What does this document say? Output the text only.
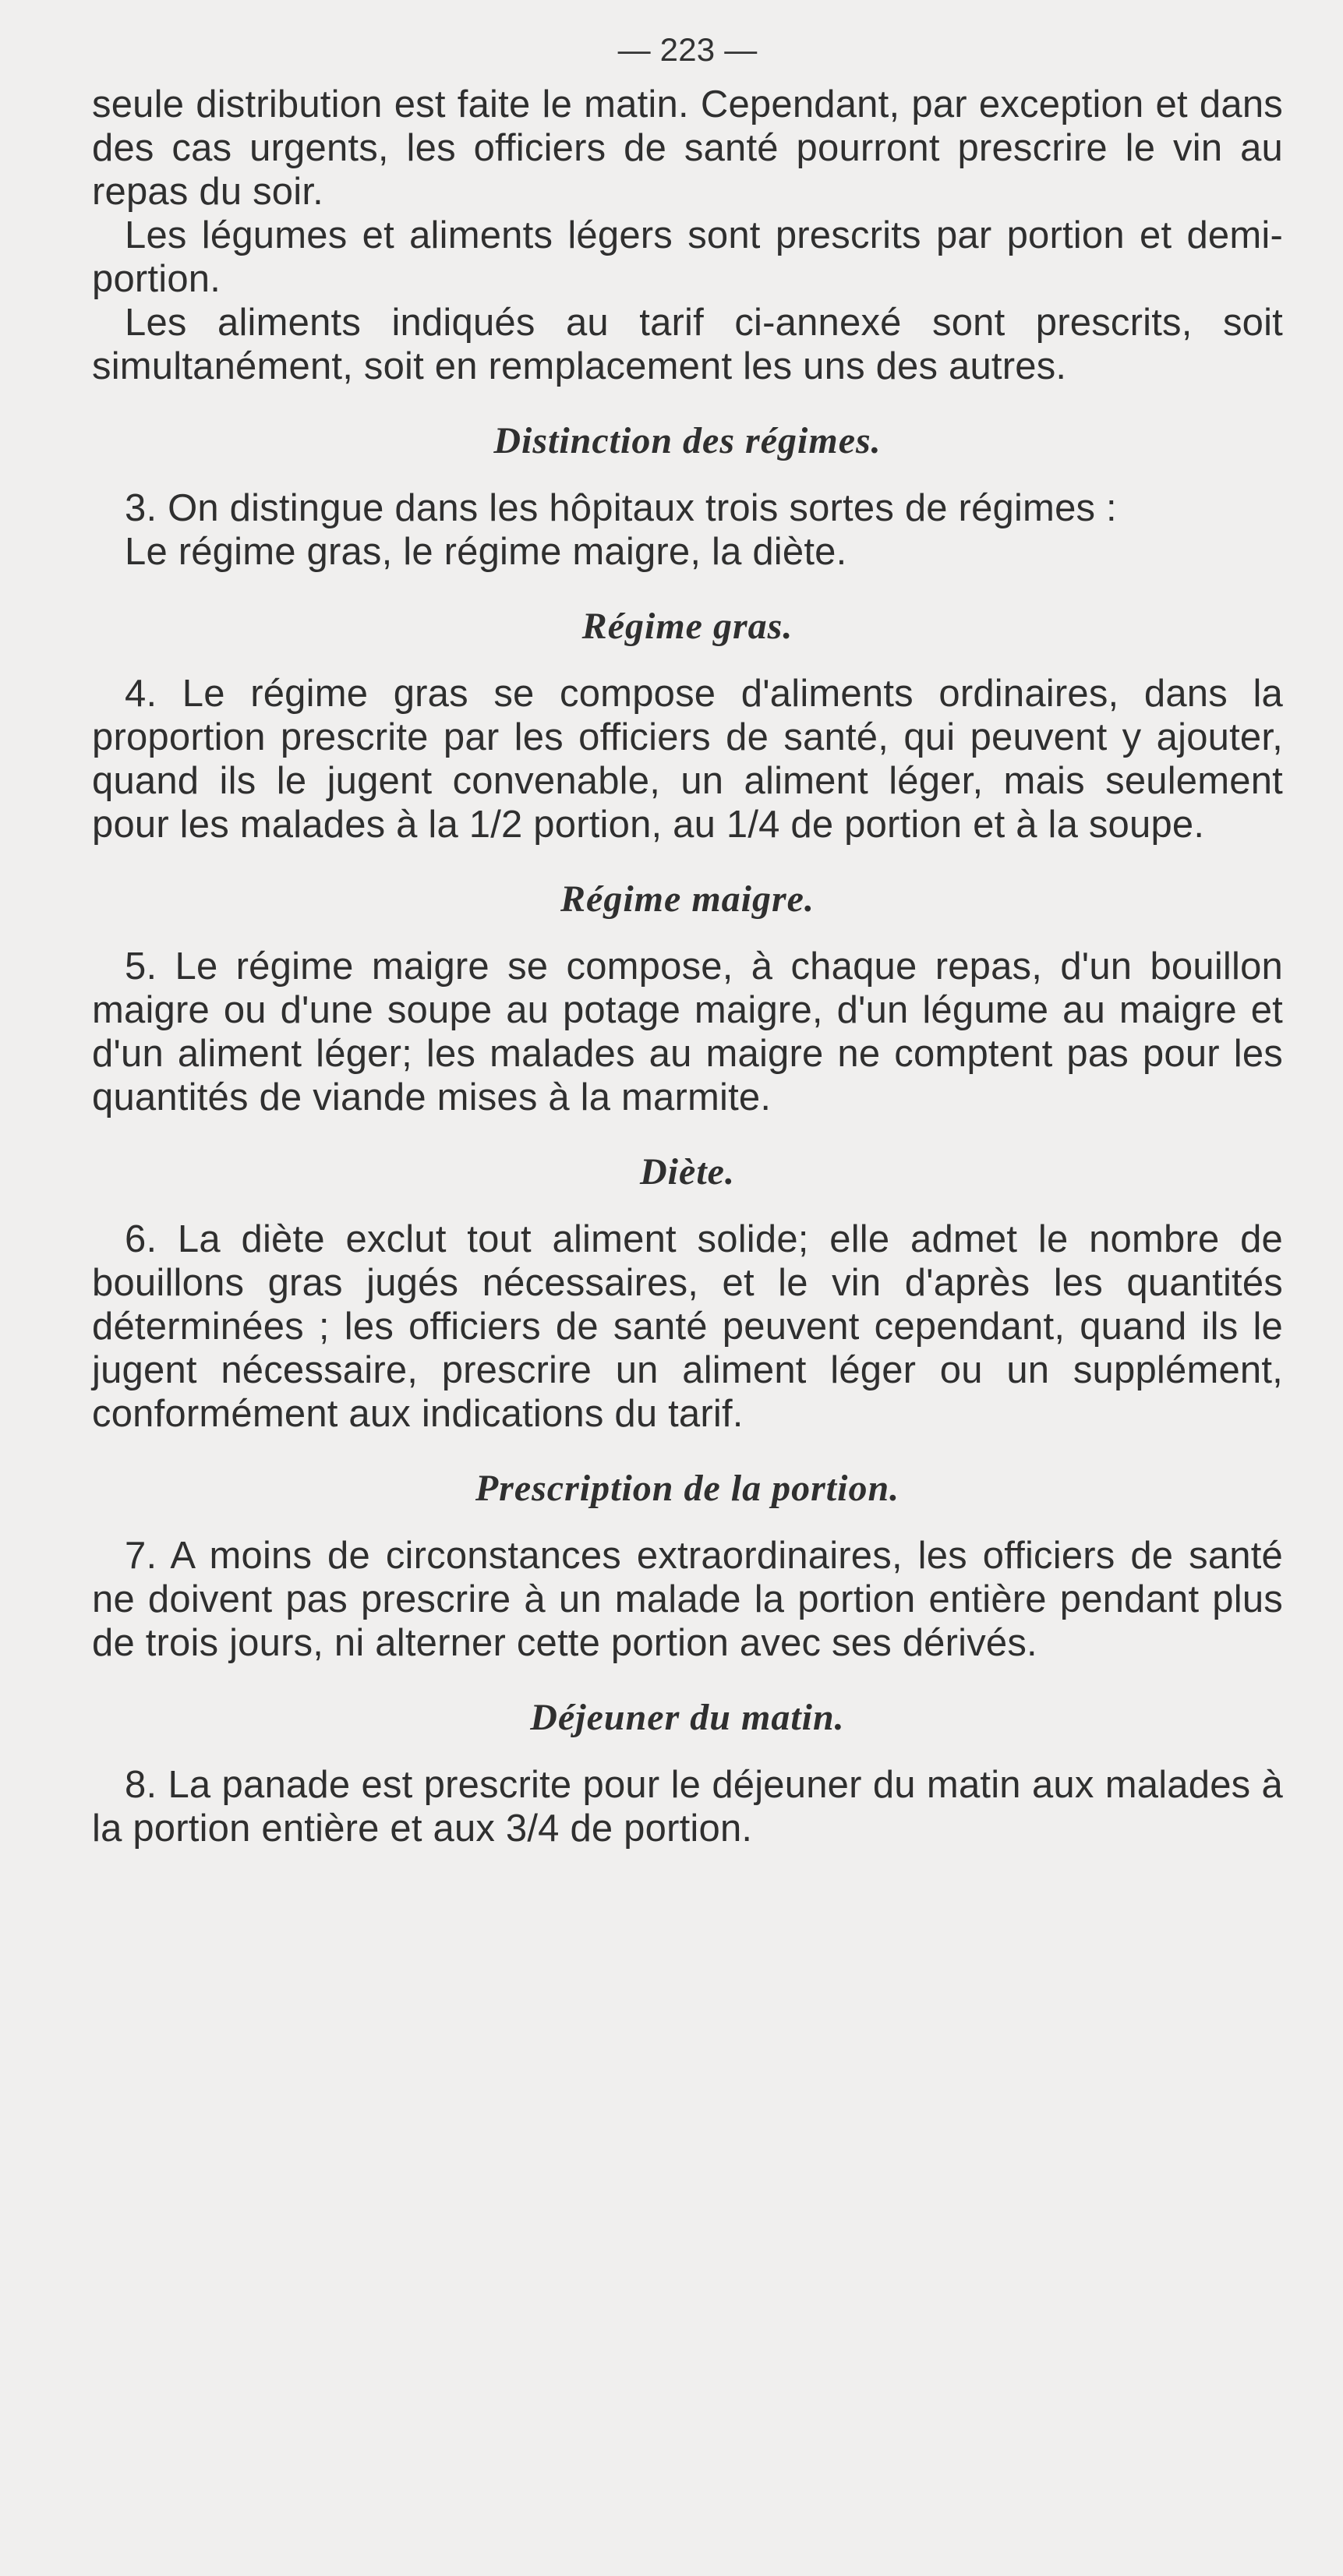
— 223 —

seule distribution est faite le matin. Cependant, par exception et dans des cas urgents, les officiers de santé pourront prescrire le vin au repas du soir.

Les légumes et aliments légers sont prescrits par portion et demi-portion.

Les aliments indiqués au tarif ci-annexé sont prescrits, soit simultanément, soit en remplacement les uns des autres.

Distinction des régimes.

3. On distingue dans les hôpitaux trois sortes de régimes :

Le régime gras, le régime maigre, la diète.

Régime gras.

4. Le régime gras se compose d'aliments ordinaires, dans la proportion prescrite par les officiers de santé, qui peuvent y ajouter, quand ils le jugent convenable, un aliment léger, mais seulement pour les malades à la 1/2 portion, au 1/4 de portion et à la soupe.

Régime maigre.

5. Le régime maigre se compose, à chaque repas, d'un bouillon maigre ou d'une soupe au potage maigre, d'un légume au maigre et d'un aliment léger; les malades au maigre ne comptent pas pour les quantités de viande mises à la marmite.

Diète.

6. La diète exclut tout aliment solide; elle admet le nombre de bouillons gras jugés nécessaires, et le vin d'après les quantités déterminées ; les officiers de santé peuvent cependant, quand ils le jugent nécessaire, prescrire un aliment léger ou un supplément, conformément aux indications du tarif.

Prescription de la portion.

7. A moins de circonstances extraordinaires, les officiers de santé ne doivent pas prescrire à un malade la portion entière pendant plus de trois jours, ni alterner cette portion avec ses dérivés.

Déjeuner du matin.

8. La panade est prescrite pour le déjeuner du matin aux malades à la portion entière et aux 3/4 de portion.
